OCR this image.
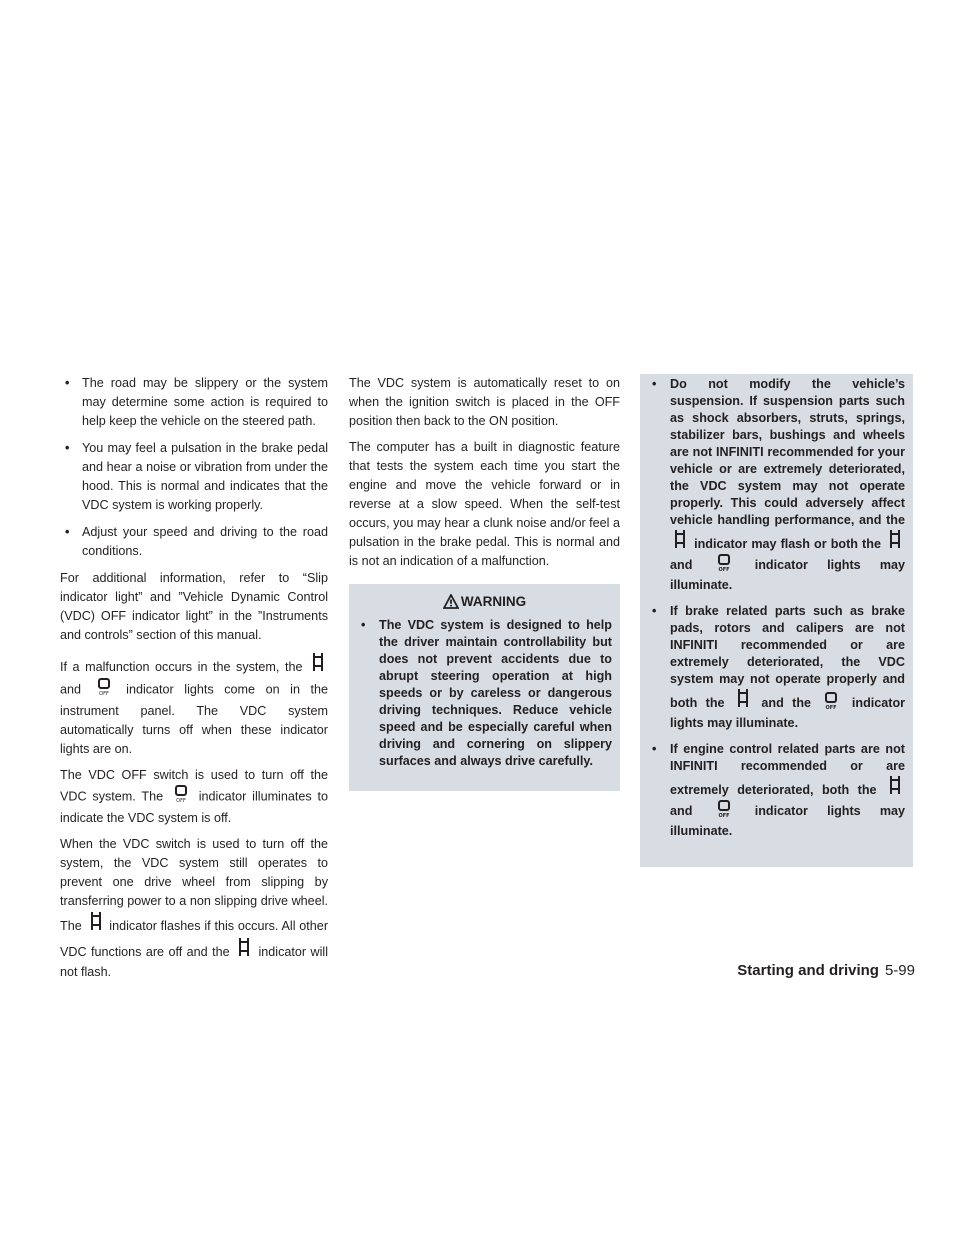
• The road may be slippery or the system may determine some action is required to help keep the vehicle on the steered path.
• You may feel a pulsation in the brake pedal and hear a noise or vibration from under the hood. This is normal and indicates that the VDC system is working properly.
• Adjust your speed and driving to the road conditions.

For additional information, refer to “Slip indicator light” and ”Vehicle Dynamic Control (VDC) OFF indicator light” in the ”Instruments and controls” section of this manual.

If a malfunction occurs in the system, the  and	OFF indicator lights come on in the instrument panel. The VDC system automatically turns off when these indicator lights are on.

The VDC OFF switch is used to turn off the VDC system. The	OFF indicator illuminates to indicate the VDC system is off.

When the VDC switch is used to turn off the system, the VDC system still operates to prevent one drive wheel from slipping by transferring power to a non slipping drive wheel. The indicator flashes if this occurs. All other VDC functions are off and the indicator will not flash.

The VDC system is automatically reset to on when the ignition switch is placed in the OFF position then back to the ON position.

The computer has a built in diagnostic feature that tests the system each time you start the engine and move the vehicle forward or in reverse at a slow speed. When the self-test occurs, you may hear a clunk noise and/or feel a pulsation in the brake pedal. This is normal and is not an indication of a malfunction.

WARNING
• The VDC system is designed to help the driver maintain controllability but does not prevent accidents due to abrupt steering operation at high speeds or by careless or dangerous driving techniques. Reduce vehicle speed and be especially careful when driving and cornering on slippery surfaces and always drive carefully.
• Do not modify the vehicle’s suspension. If suspension parts such as shock absorbers, struts, springs, stabilizer bars, bushings and wheels are not INFINITI recommended for your vehicle or are extremely deteriorated, the VDC system may not operate properly. This could adversely affect vehicle handling performance, and the  indicator may flash or both the  and	OFF indicator lights may illuminate.
• If brake related parts such as brake pads, rotors and calipers are not INFINITI recommended or are extremely deteriorated, the VDC system may not operate properly and both the	and the	OFF indicator lights may illuminate.
• If engine control related parts are not INFINITI recommended or are extremely deteriorated, both the  and	OFF indicator lights may illuminate.
Starting and driving 5-99
